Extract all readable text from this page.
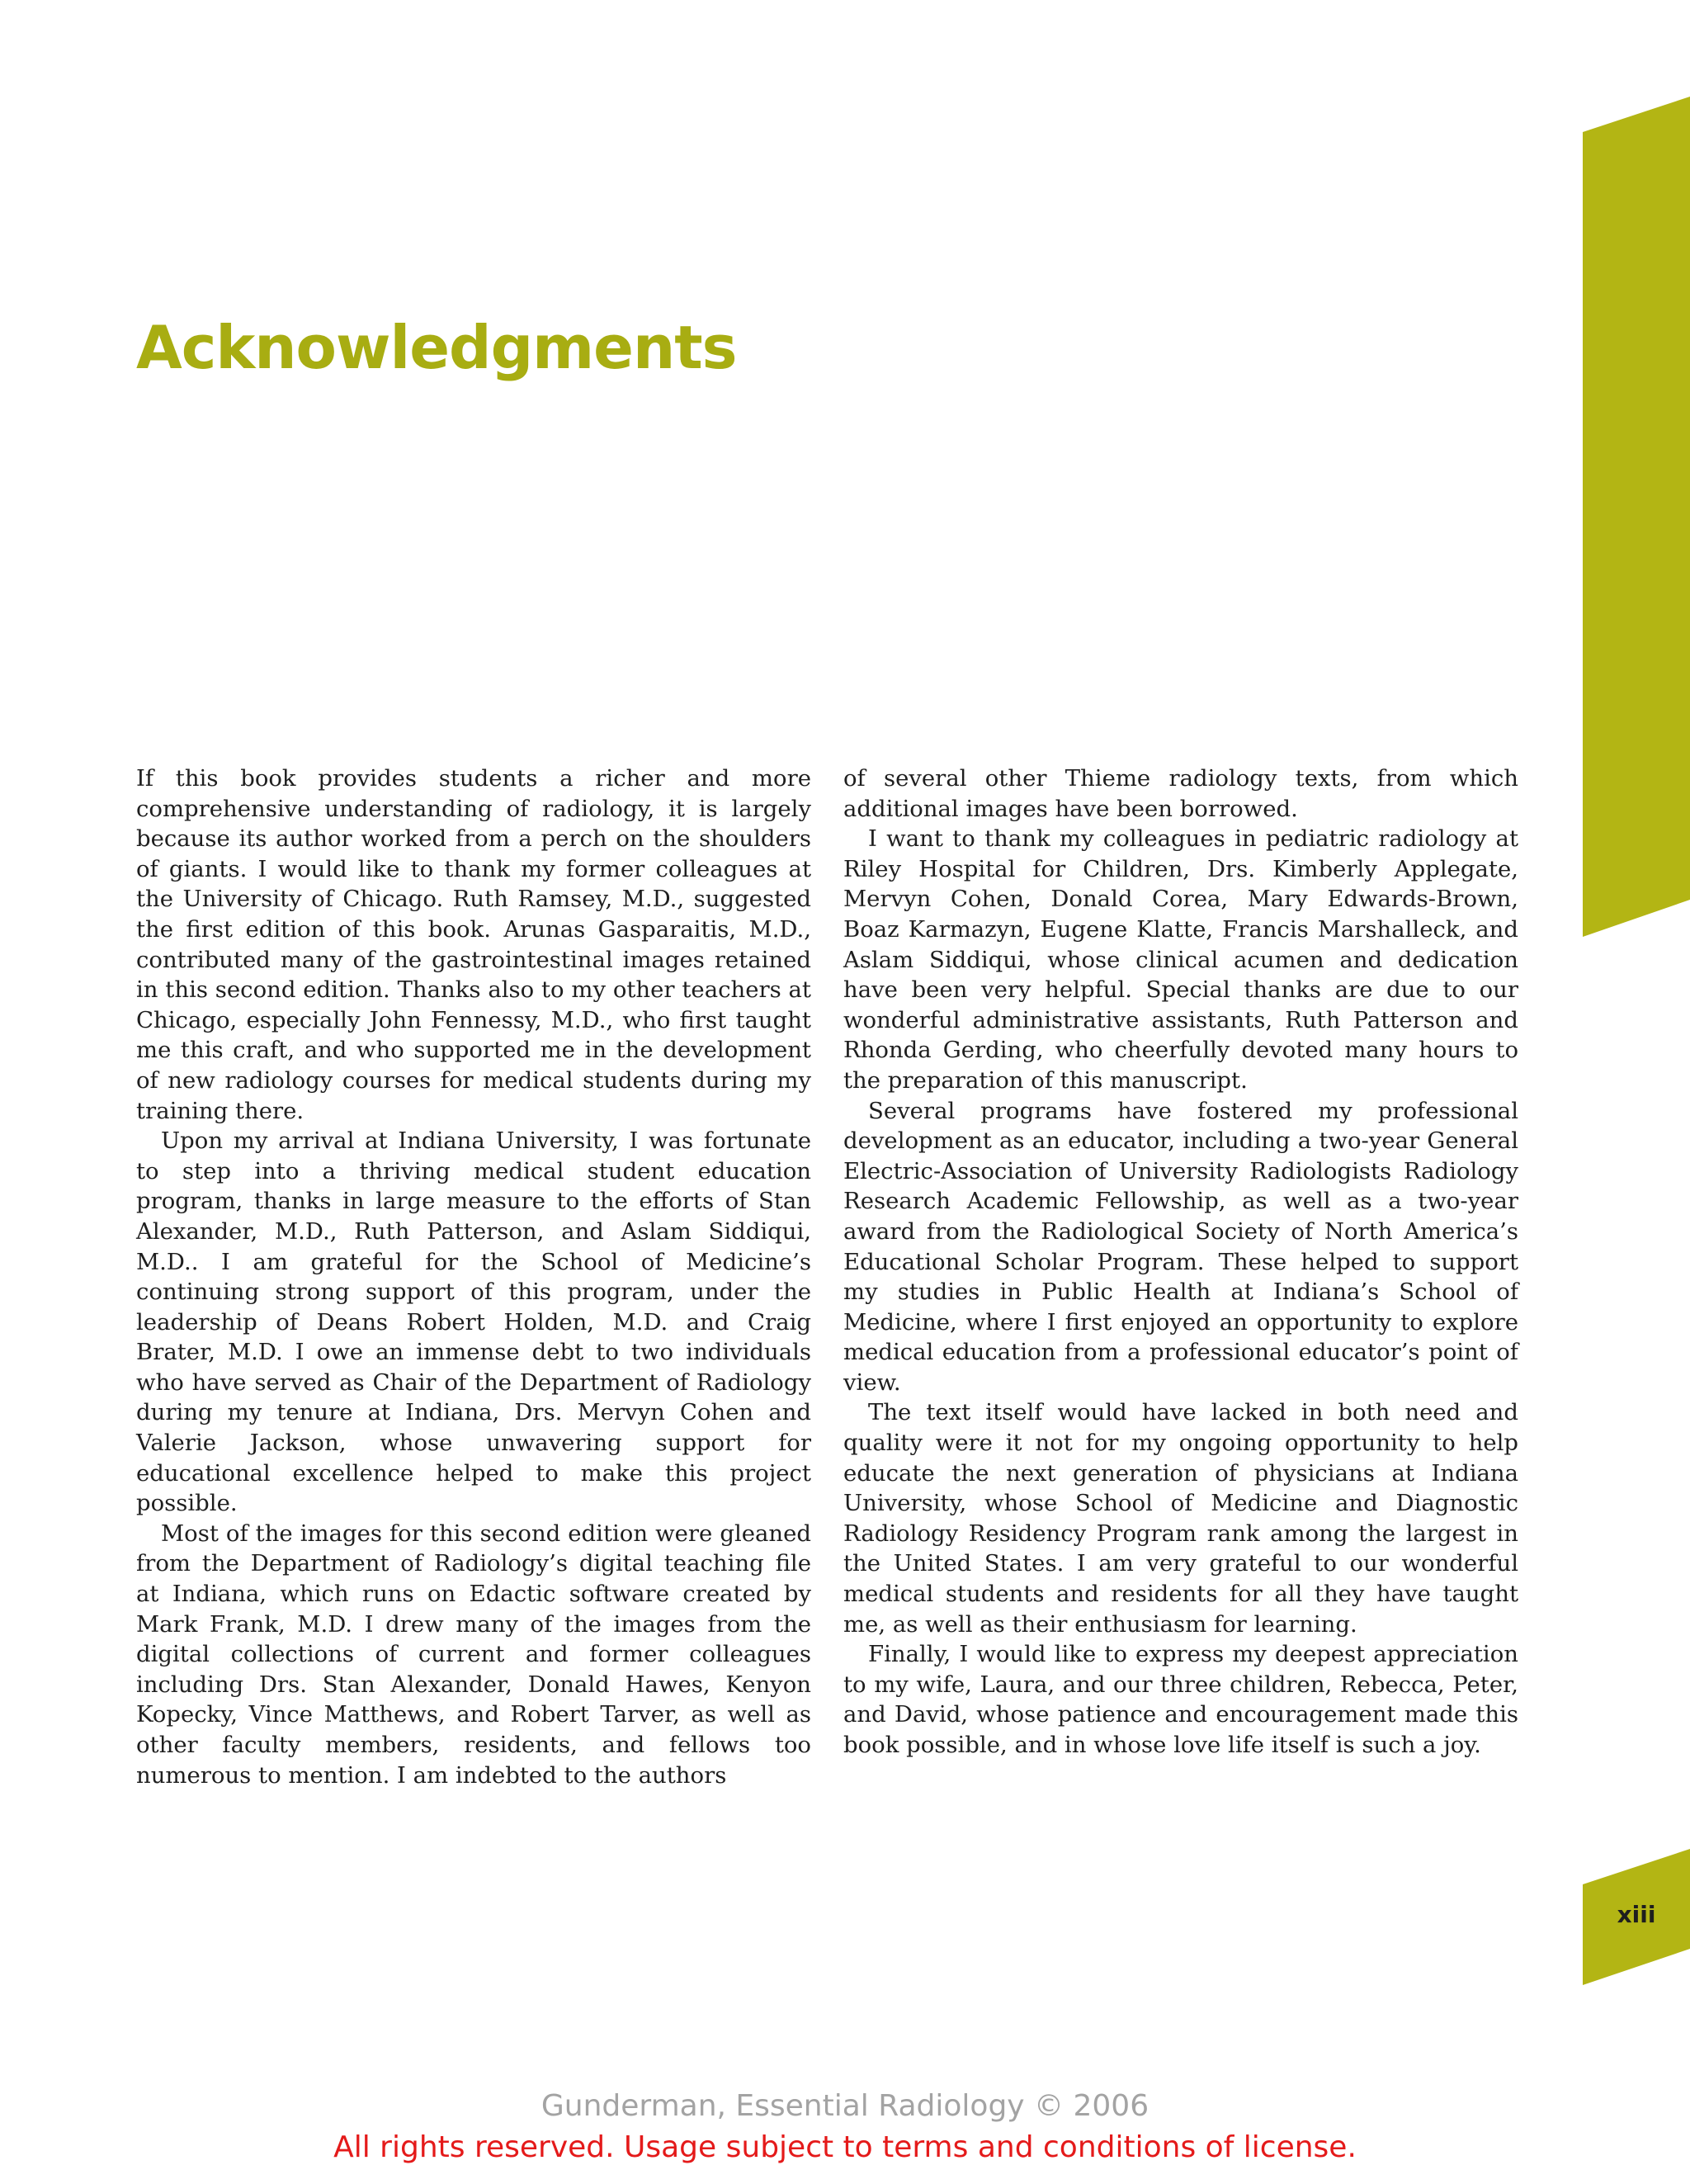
Acknowledgments

If this book provides students a richer and more comprehensive understanding of radiology, it is largely because its author worked from a perch on the shoulders of giants. I would like to thank my former colleagues at the University of Chicago. Ruth Ramsey, M.D., suggested the first edition of this book. Arunas Gasparaitis, M.D., contributed many of the gastrointestinal images retained in this second edition. Thanks also to my other teachers at Chicago, especially John Fennessy, M.D., who first taught me this craft, and who supported me in the development of new radiology courses for medical students during my training there.

Upon my arrival at Indiana University, I was fortunate to step into a thriving medical student education program, thanks in large measure to the efforts of Stan Alexander, M.D., Ruth Patterson, and Aslam Siddiqui, M.D.. I am grateful for the School of Medicine’s continuing strong support of this program, under the leadership of Deans Robert Holden, M.D. and Craig Brater, M.D. I owe an immense debt to two individuals who have served as Chair of the Department of Radiology during my tenure at Indiana, Drs. Mervyn Cohen and Valerie Jackson, whose unwavering support for educational excellence helped to make this project possible.

Most of the images for this second edition were gleaned from the Department of Radiology’s digital teaching file at Indiana, which runs on Edactic software created by Mark Frank, M.D. I drew many of the images from the digital collections of current and former colleagues including Drs. Stan Alexander, Donald Hawes, Kenyon Kopecky, Vince Matthews, and Robert Tarver, as well as other faculty members, residents, and fellows too numerous to mention. I am indebted to the authors

of several other Thieme radiology texts, from which additional images have been borrowed.

I want to thank my colleagues in pediatric radiology at Riley Hospital for Children, Drs. Kimberly Applegate, Mervyn Cohen, Donald Corea, Mary Edwards-Brown, Boaz Karmazyn, Eugene Klatte, Francis Marshalleck, and Aslam Siddiqui, whose clinical acumen and dedication have been very helpful. Special thanks are due to our wonderful administrative assistants, Ruth Patterson and Rhonda Gerding, who cheerfully devoted many hours to the preparation of this manuscript.

Several programs have fostered my professional development as an educator, including a two-year General Electric-Association of University Radiologists Radiology Research Academic Fellowship, as well as a two-year award from the Radiological Society of North America’s Educational Scholar Program. These helped to support my studies in Public Health at Indiana’s School of Medicine, where I first enjoyed an opportunity to explore medical education from a professional educator’s point of view.

The text itself would have lacked in both need and quality were it not for my ongoing opportunity to help educate the next generation of physicians at Indiana University, whose School of Medicine and Diagnostic Radiology Residency Program rank among the largest in the United States. I am very grateful to our wonderful medical students and residents for all they have taught me, as well as their enthusiasm for learning.

Finally, I would like to express my deepest appreciation to my wife, Laura, and our three children, Rebecca, Peter, and David, whose patience and encouragement made this book possible, and in whose love life itself is such a joy.

xiii
Gunderman, Essential Radiology © 2006
All rights reserved. Usage subject to terms and conditions of license.
